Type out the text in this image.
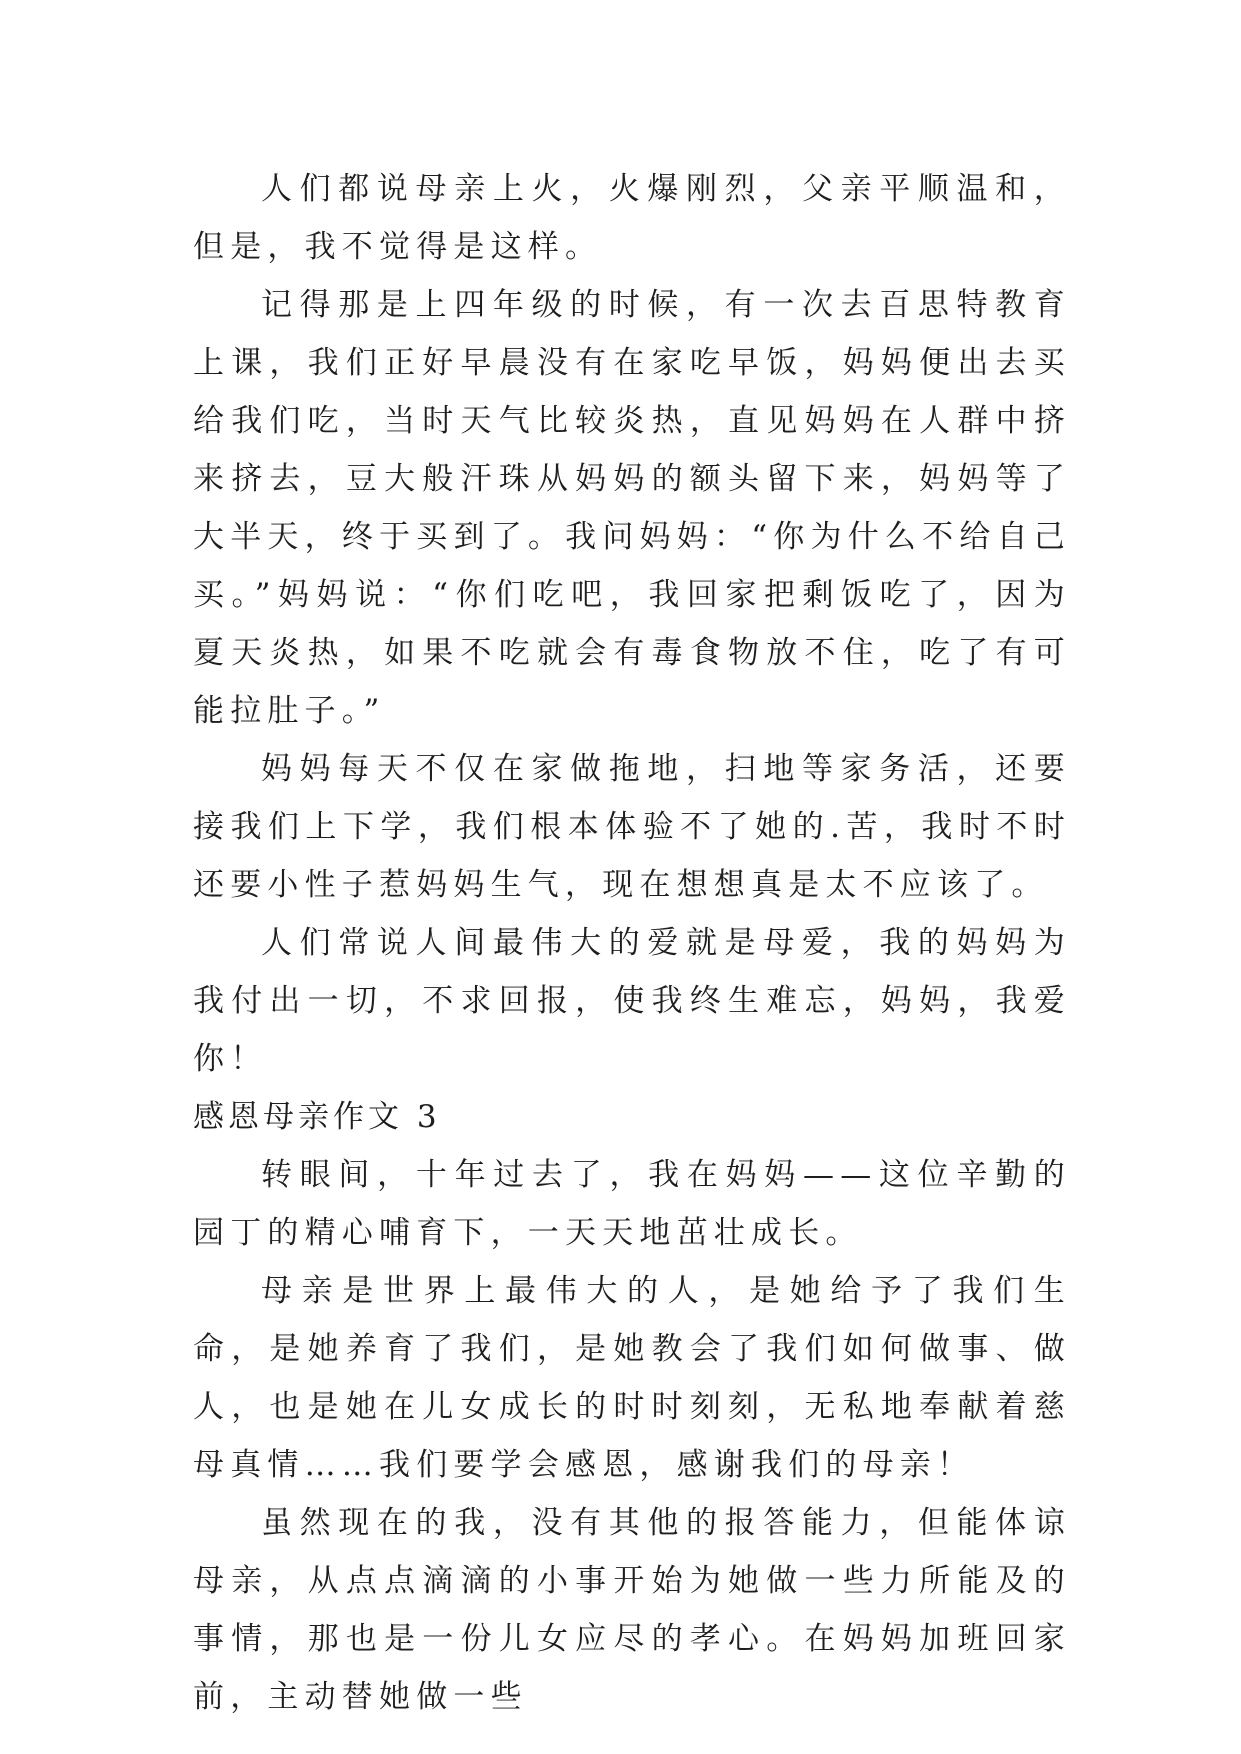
人们都说母亲上火，火爆刚烈，父亲平顺温和，但是，我不觉得是这样。

记得那是上四年级的时候，有一次去百思特教育上课，我们正好早晨没有在家吃早饭，妈妈便出去买给我们吃，当时天气比较炎热，直见妈妈在人群中挤来挤去，豆大般汗珠从妈妈的额头留下来，妈妈等了大半天，终于买到了。我问妈妈：“你为什么不给自己买。”妈妈说：“你们吃吧，我回家把剩饭吃了，因为夏天炎热，如果不吃就会有毒食物放不住，吃了有可能拉肚子。”

妈妈每天不仅在家做拖地，扫地等家务活，还要接我们上下学，我们根本体验不了她的.苦，我时不时还要小性子惹妈妈生气，现在想想真是太不应该了。

人们常说人间最伟大的爱就是母爱，我的妈妈为我付出一切，不求回报，使我终生难忘，妈妈，我爱你！

感恩母亲作文 3

转眼间，十年过去了，我在妈妈——这位辛勤的园丁的精心哺育下，一天天地茁壮成长。

母亲是世界上最伟大的人，是她给予了我们生命，是她养育了我们，是她教会了我们如何做事、做人，也是她在儿女成长的时时刻刻，无私地奉献着慈母真情……我们要学会感恩，感谢我们的母亲！

虽然现在的我，没有其他的报答能力，但能体谅母亲，从点点滴滴的小事开始为她做一些力所能及的事情，那也是一份儿女应尽的孝心。在妈妈加班回家前，主动替她做一些
